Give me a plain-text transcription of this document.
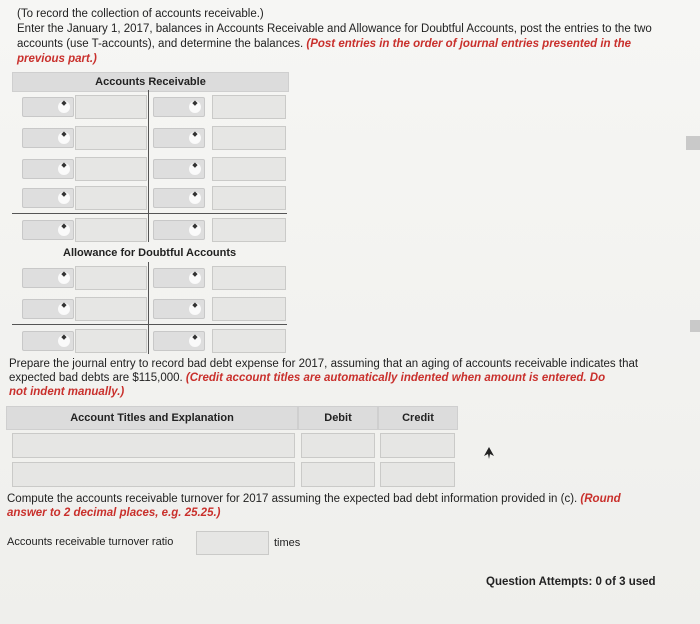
(To record the collection of accounts receivable.)
Enter the January 1, 2017, balances in Accounts Receivable and Allowance for Doubtful Accounts, post the entries to the two
accounts (use T-accounts), and determine the balances. (Post entries in the order of journal entries presented in the
previous part.)
Accounts Receivable
◆	◆
◆	◆
◆	◆
◆	◆
◆	◆
Allowance for Doubtful Accounts
◆	◆
◆	◆
◆	◆
Prepare the journal entry to record bad debt expense for 2017, assuming that an aging of accounts receivable indicates that
expected bad debts are $115,000. (Credit account titles are automatically indented when amount is entered. Do
not indent manually.)
Account Titles and Explanation	Debit	Credit
Compute the accounts receivable turnover for 2017 assuming the expected bad debt information provided in (c). (Round
answer to 2 decimal places, e.g. 25.25.)
Accounts receivable turnover ratio	times
Question Attempts: 0 of 3 used
